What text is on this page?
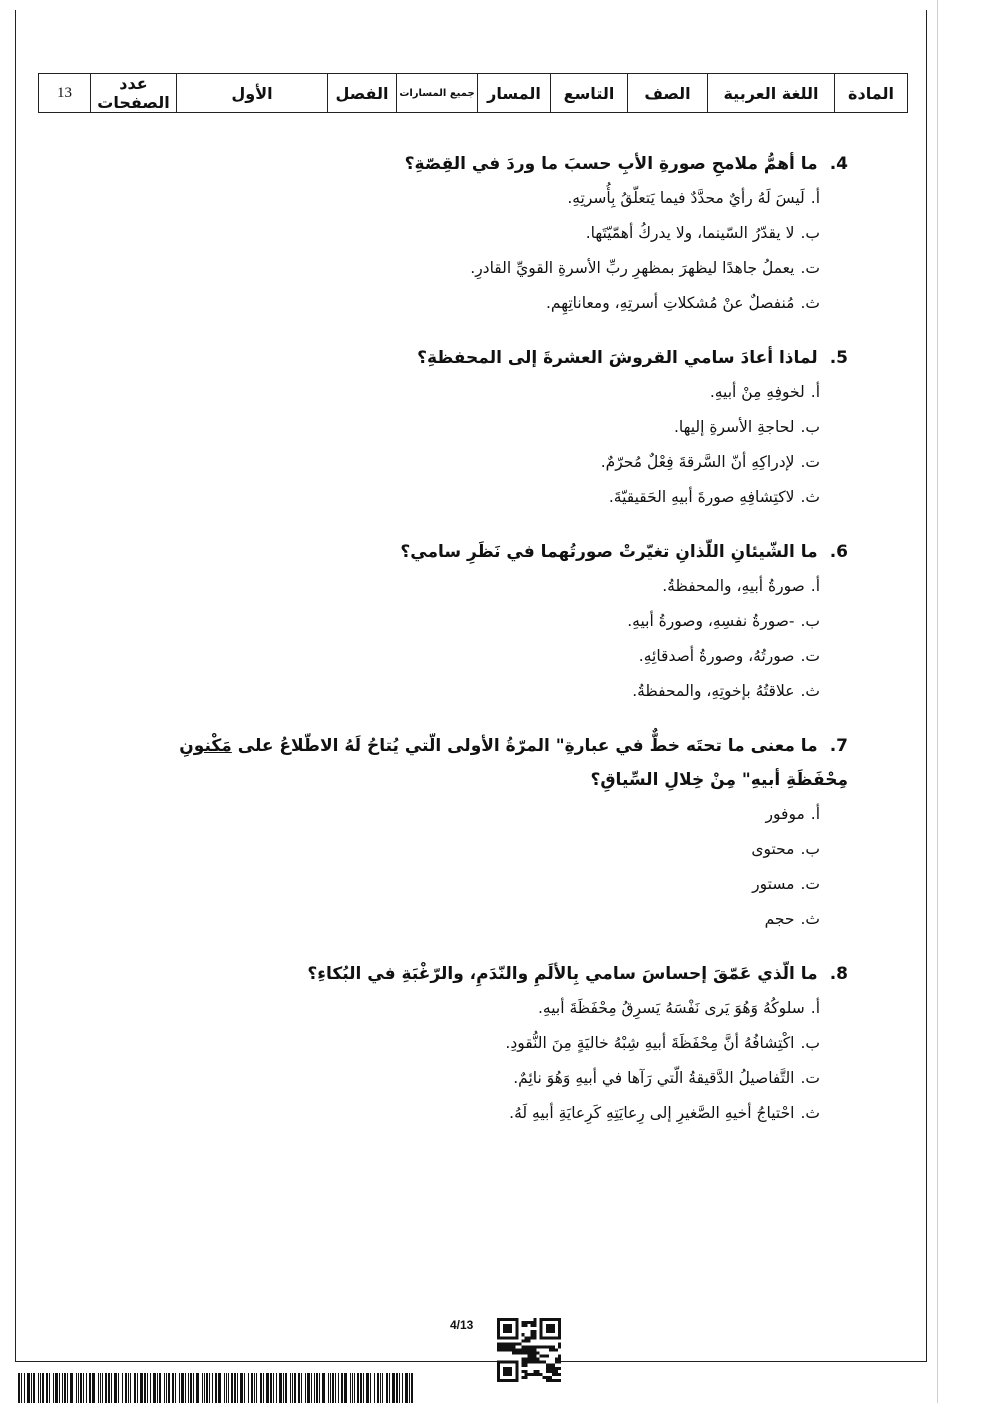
المادة	اللغة العربية	الصف	التاسع	المسار	جميع المسارات	الفصل	الأول	عدد الصفحات	13
4.ما أهمُّ ملامحِ صورةِ الأبِ حسبَ ما وردَ في القِصّةِ؟
أ.لَيسَ لَهُ رأيٌ محدَّدٌ فيما يَتعلّقُ بِأُسرتِهِ.
ب.لا يقدّرُ السّينما، ولا يدركُ أهمّيّتَها.
ت.يعملُ جاهدًا ليظهرَ بمظهرِ ربِّ الأسرةِ القويِّ القادرِ.
ث.مُنفصلٌ عنْ مُشكلاتِ أسرتِهِ، ومعاناتِهِم.
5.لماذا أعادَ سامي القروشَ العشرةَ إلى المحفظةِ؟
أ.لخوفِهِ مِنْ أبيهِ.
ب.لحاجةِ الأسرةِ إليها.
ت.لإدراكِهِ أنّ السَّرقةَ فِعْلٌ مُحرّمٌ.
ث.لاكتِشافِهِ صورةَ أبيهِ الحَقيقيّةَ.
6.ما الشّيئانِ اللّذانِ تغيّرتْ صورتُهما في نَظَرِ سامي؟
أ.صورةُ أبيهِ، والمحفظةُ.
ب.-صورةُ نفسِهِ، وصورةُ أبيهِ.
ت.صورتُهُ، وصورةُ أصدقائِهِ.
ث.علاقتُهُ بإخوتِهِ، والمحفظةُ.
7.ما معنى ما تحتَه خطٌّ في عبارةِ" المرّةُ الأولى الّتي يُتاحُ لَهُ الاطّلاعُ على مَكْنونِ مِحْفَظَةِ أبيهِ" مِنْ خِلالِ السِّياقِ؟
أ.موفور
ب.محتوى
ت.مستور
ث.حجم
8.ما الّذي عَمّقَ إحساسَ سامي بِالألَمِ والنّدَمِ، والرّغْبَةِ في البُكاءِ؟
أ.سلوكُهُ وَهُوَ يَرى نَفْسَهُ يَسرِقُ مِحْفَظَةَ أبيهِ.
ب.اكْتِشافُهُ أنَّ مِحْفَظَةَ أبيهِ شِبْهُ خاليَةٍ مِنَ النُّقودِ.
ت.التَّفاصيلُ الدَّقيقةُ الّتي رَآها في أبيهِ وَهُوَ نائِمٌ.
ث.احْتياجُ أخيهِ الصَّغيرِ إلى رِعايَتِهِ كَرِعايَةِ أبيهِ لَهُ.
4/13
